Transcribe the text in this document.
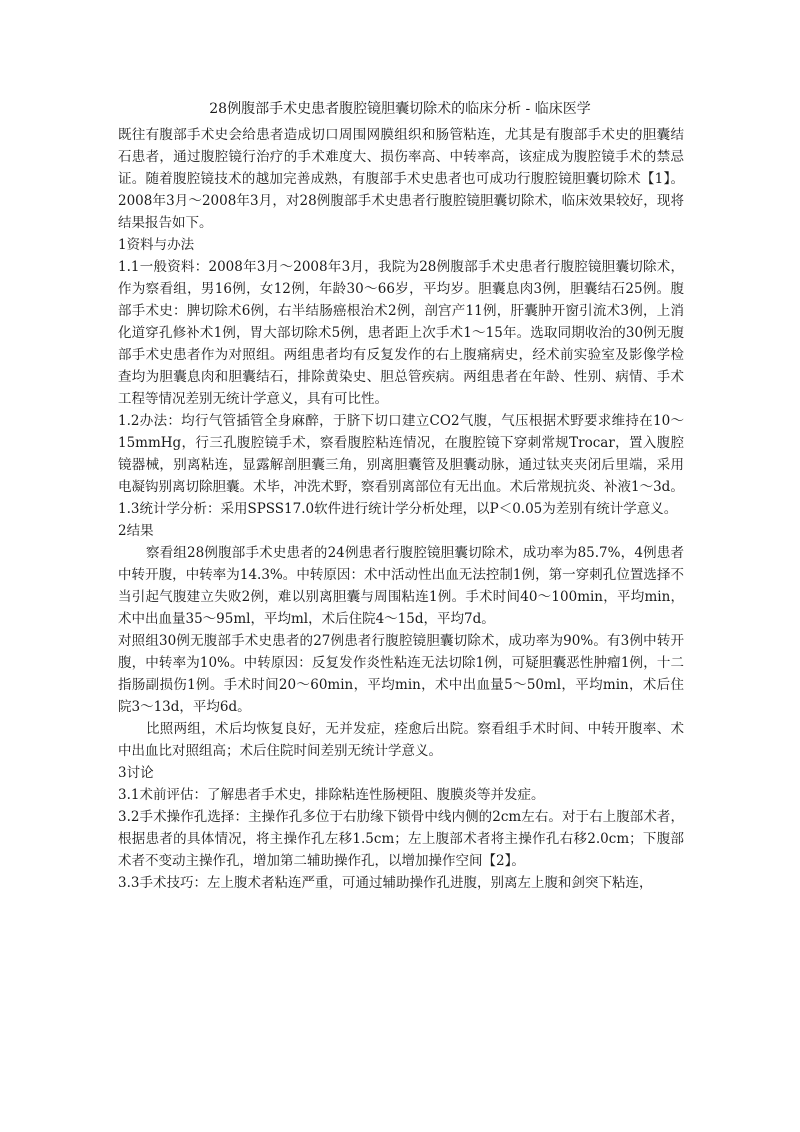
28例腹部手术史患者腹腔镜胆囊切除术的临床分析 - 临床医学

既往有腹部手术史会给患者造成切口周围网膜组织和肠管粘连，尤其是有腹部手术史的胆囊结石患者，通过腹腔镜行治疗的手术难度大、损伤率高、中转率高，该症成为腹腔镜手术的禁忌证。随着腹腔镜技术的越加完善成熟，有腹部手术史患者也可成功行腹腔镜胆囊切除术【1】。2008年3月～2008年3月，对28例腹部手术史患者行腹腔镜胆囊切除术，临床效果较好，现将结果报告如下。

1资料与办法

1.1一般资料：2008年3月～2008年3月，我院为28例腹部手术史患者行腹腔镜胆囊切除术，作为察看组，男16例，女12例，年龄30～66岁，平均岁。胆囊息肉3例，胆囊结石25例。腹部手术史：脾切除术6例，右半结肠癌根治术2例，剖宫产11例，肝囊肿开窗引流术3例，上消化道穿孔修补术1例，胃大部切除术5例，患者距上次手术1～15年。选取同期收治的30例无腹部手术史患者作为对照组。两组患者均有反复发作的右上腹痛病史，经术前实验室及影像学检查均为胆囊息肉和胆囊结石，排除黄染史、胆总管疾病。两组患者在年龄、性别、病情、手术工程等情况差别无统计学意义，具有可比性。

1.2办法：均行气管插管全身麻醉，于脐下切口建立CO2气腹，气压根据术野要求维持在10～15mmHg，行三孔腹腔镜手术，察看腹腔粘连情况，在腹腔镜下穿刺常规Trocar，置入腹腔镜器械，别离粘连，显露解剖胆囊三角，别离胆囊管及胆囊动脉，通过钛夹夹闭后里端，采用电凝钩别离切除胆囊。术毕，冲洗术野，察看别离部位有无出血。术后常规抗炎、补液1～3d。

1.3统计学分析：采用SPSS17.0软件进行统计学分析处理，以P＜0.05为差别有统计学意义。

2结果

察看组28例腹部手术史患者的24例患者行腹腔镜胆囊切除术，成功率为85.7%，4例患者中转开腹，中转率为14.3%。中转原因：术中活动性出血无法控制1例，第一穿刺孔位置选择不当引起气腹建立失败2例，难以别离胆囊与周围粘连1例。手术时间40～100min，平均min，术中出血量35～95ml，平均ml，术后住院4～15d，平均7d。

对照组30例无腹部手术史患者的27例患者行腹腔镜胆囊切除术，成功率为90%。有3例中转开腹，中转率为10%。中转原因：反复发作炎性粘连无法切除1例，可疑胆囊恶性肿瘤1例，十二指肠副损伤1例。手术时间20～60min，平均min，术中出血量5～50ml，平均min，术后住院3～13d，平均6d。

比照两组，术后均恢复良好，无并发症，痊愈后出院。察看组手术时间、中转开腹率、术中出血比对照组高；术后住院时间差别无统计学意义。

3讨论

3.1术前评估：了解患者手术史，排除粘连性肠梗阻、腹膜炎等并发症。

3.2手术操作孔选择：主操作孔多位于右肋缘下锁骨中线内侧的2cm左右。对于右上腹部术者，根据患者的具体情况，将主操作孔左移1.5cm；左上腹部术者将主操作孔右移2.0cm；下腹部术者不变动主操作孔，增加第二辅助操作孔，以增加操作空间【2】。

3.3手术技巧：左上腹术者粘连严重，可通过辅助操作孔进腹，别离左上腹和剑突下粘连，
